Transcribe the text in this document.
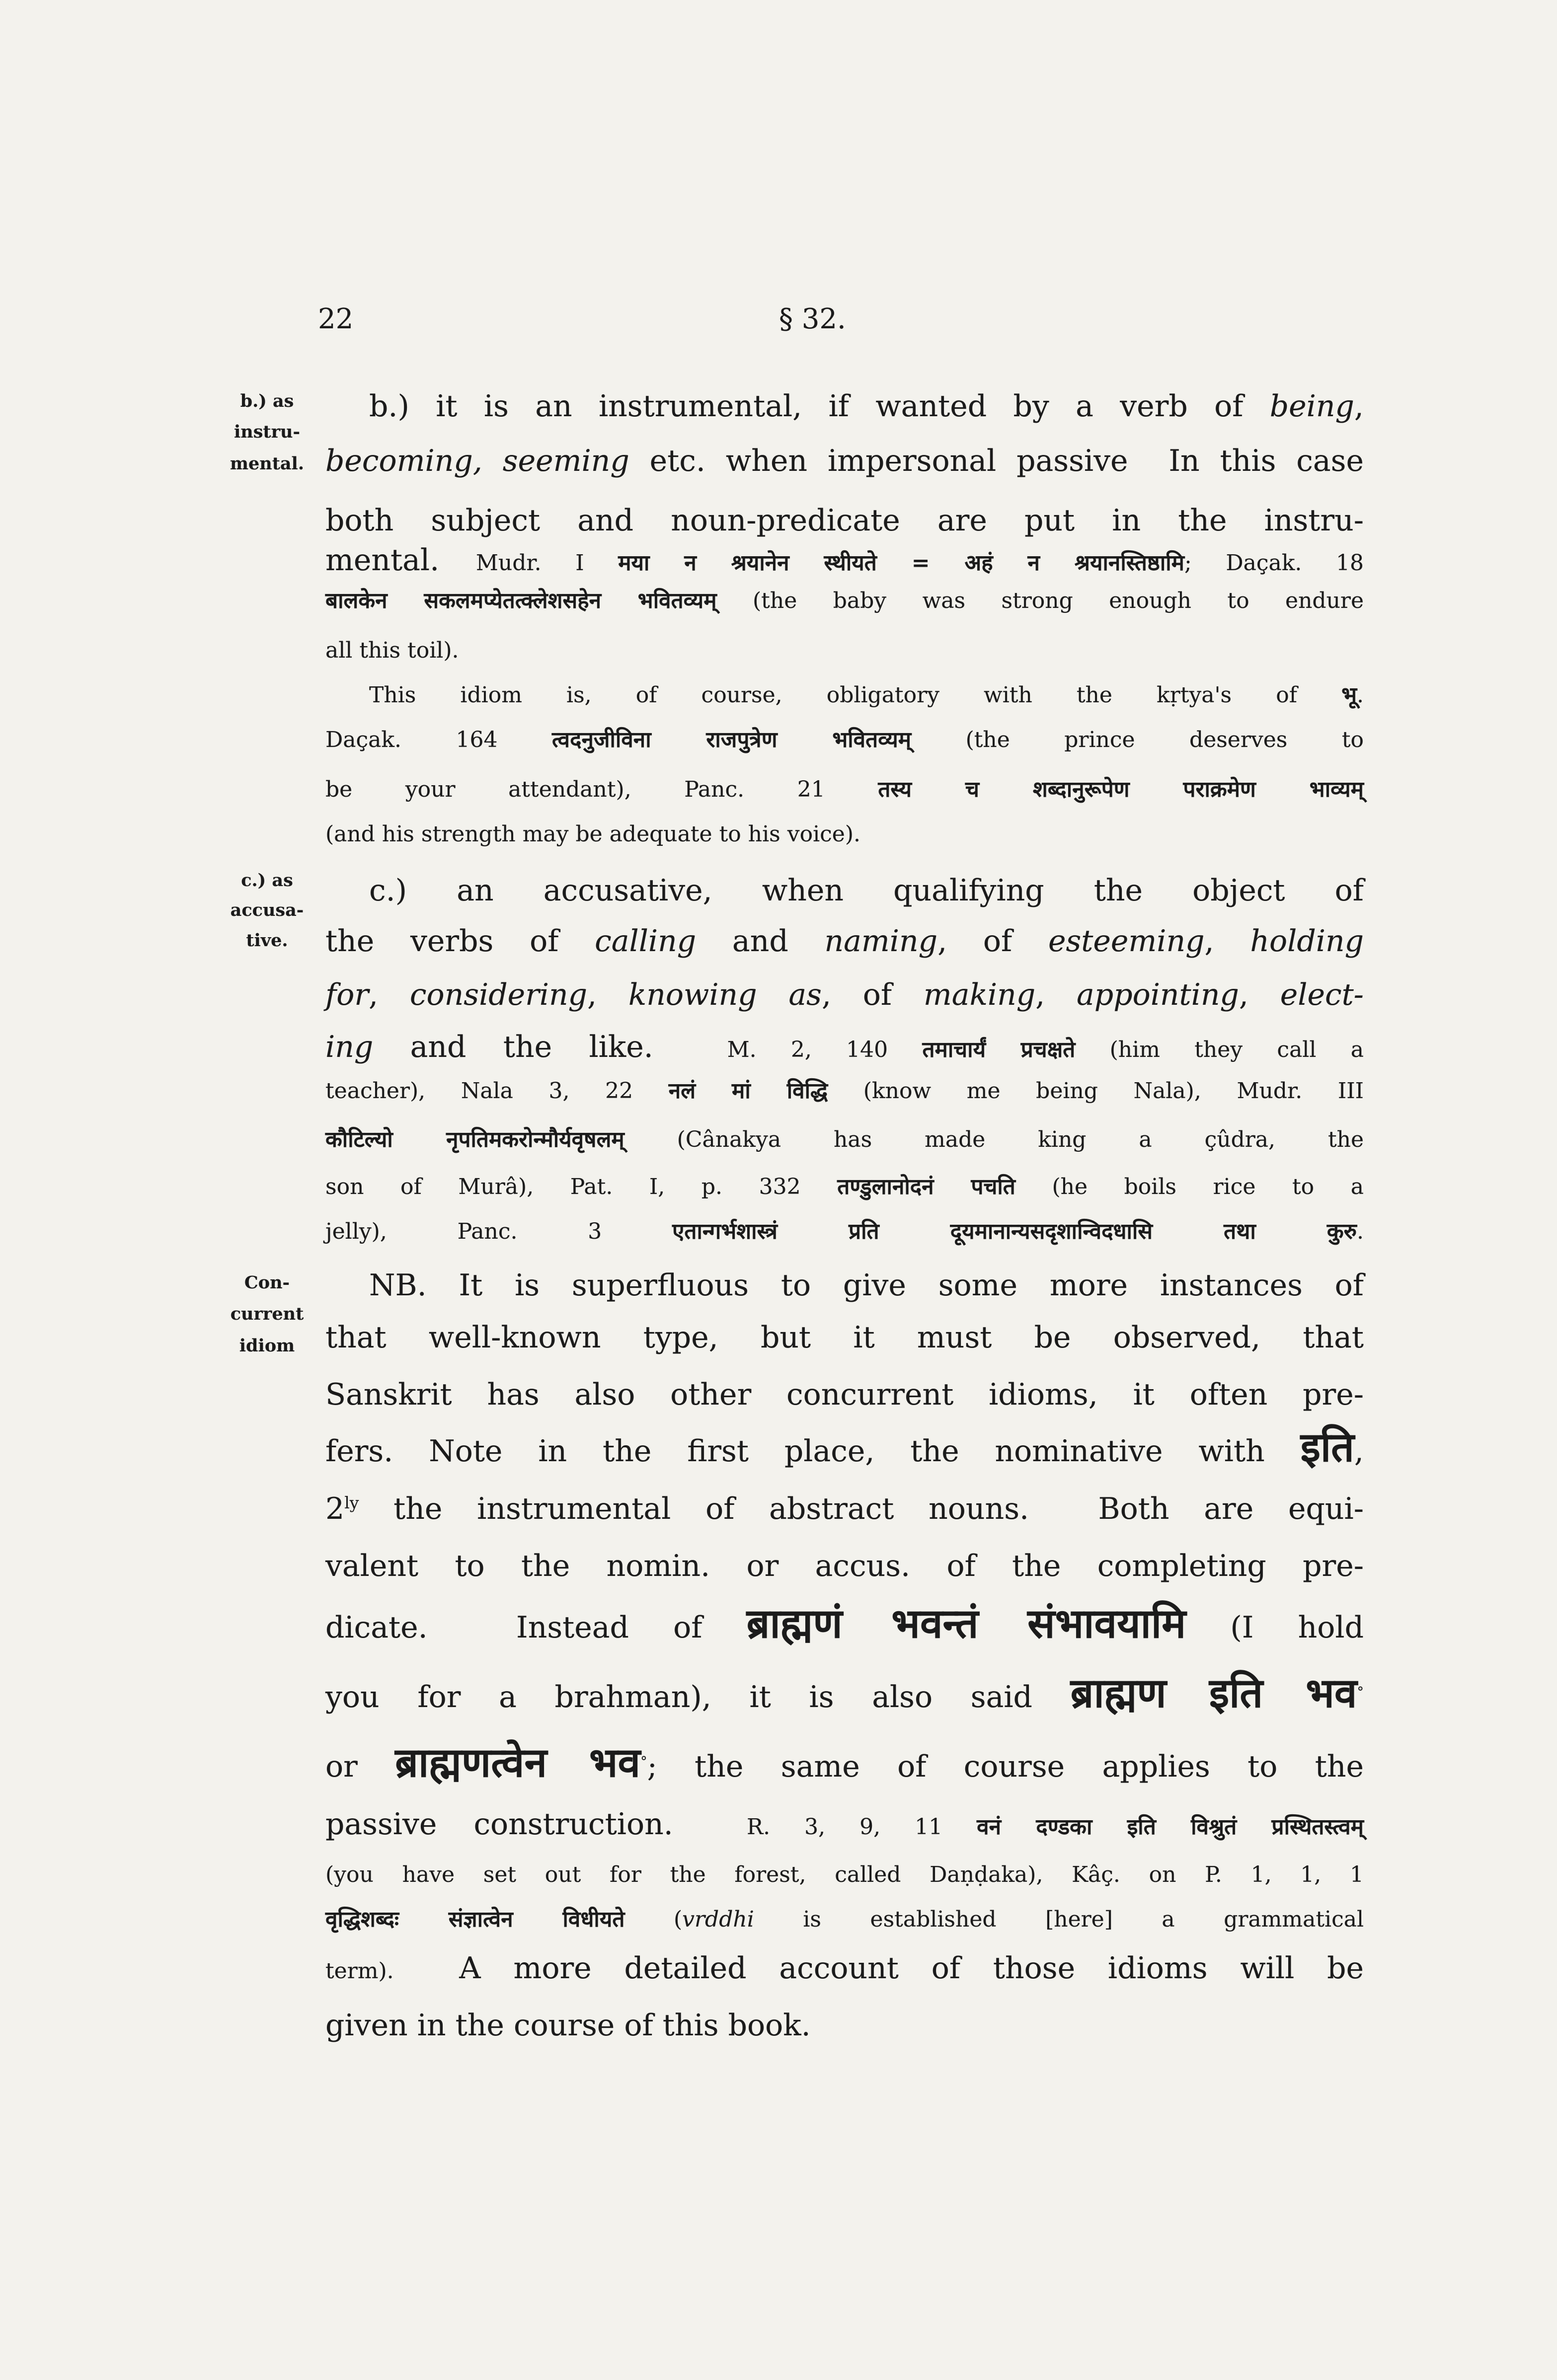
22	§ 32.
b.) as
instru-
mental.
b.) it is an instrumental, if wanted by a verb of being,
becoming, seeming etc. when impersonal passive  In this case
both subject and noun-predicate are put in the instru-
mental. Mudr. I मया न श्रयानेन स्थीयते = अहं न श्रयानस्तिष्ठामि; Daçak. 18
बालकेन सकलमप्येतत्क्लेशसहेन भवितव्यम् (the baby was strong enough to endure
all this toil).
This idiom is, of course, obligatory with the kṛtya's of भू.
Daçak. 164 त्वदनुजीविना राजपुत्रेण भवितव्यम् (the prince deserves to
be your attendant), Panc. 21 तस्य च शब्दानुरूपेण पराक्रमेण भाव्यम्
(and his strength may be adequate to his voice).
c.) as
accusa-
tive.
c.) an accusative, when qualifying the object of
the verbs of calling and naming, of esteeming, holding
for, considering, knowing as, of making, appointing, elect-
ing and the like.  M. 2, 140 तमाचार्यं प्रचक्षते (him they call a
teacher), Nala 3, 22 नलं मां विद्धि (know me being Nala), Mudr. III
कौटिल्यो नृपतिमकरोन्मौर्यवृषलम् (Cânakya has made king a çûdra, the
son of Murâ), Pat. I, p. 332 तण्डुलानोदनं पचति (he boils rice to a
jelly), Panc. 3 एतान्गर्भशास्त्रं प्रति दूयमानान्यसदृशान्विदधासि तथा कुरु.
Con-
current
idiom
NB. It is superfluous to give some more instances of
that well-known type, but it must be observed, that
Sanskrit has also other concurrent idioms, it often pre-
fers. Note in the first place, the nominative with इति,
$2^{ly}$ the instrumental of abstract nouns.  Both are equi-
valent to the nomin. or accus. of the completing pre-
dicate.  Instead of ब्राह्मणं भवन्तं संभावयामि (I hold
you for a brahman), it is also said ब्राह्मण इति भव°
or ब्राह्मणत्वेन भव°; the same of course applies to the
passive construction.  R. 3, 9, 11 वनं दण्डका इति विश्रुतं प्रस्थितस्त्वम्
(you have set out for the forest, called Daṇḍaka), Kâç. on P. 1, 1, 1
वृद्धिशब्दः संज्ञात्वेन विधीयते (vrddhi is established [here] a grammatical
term).  A more detailed account of those idioms will be
given in the course of this book.
